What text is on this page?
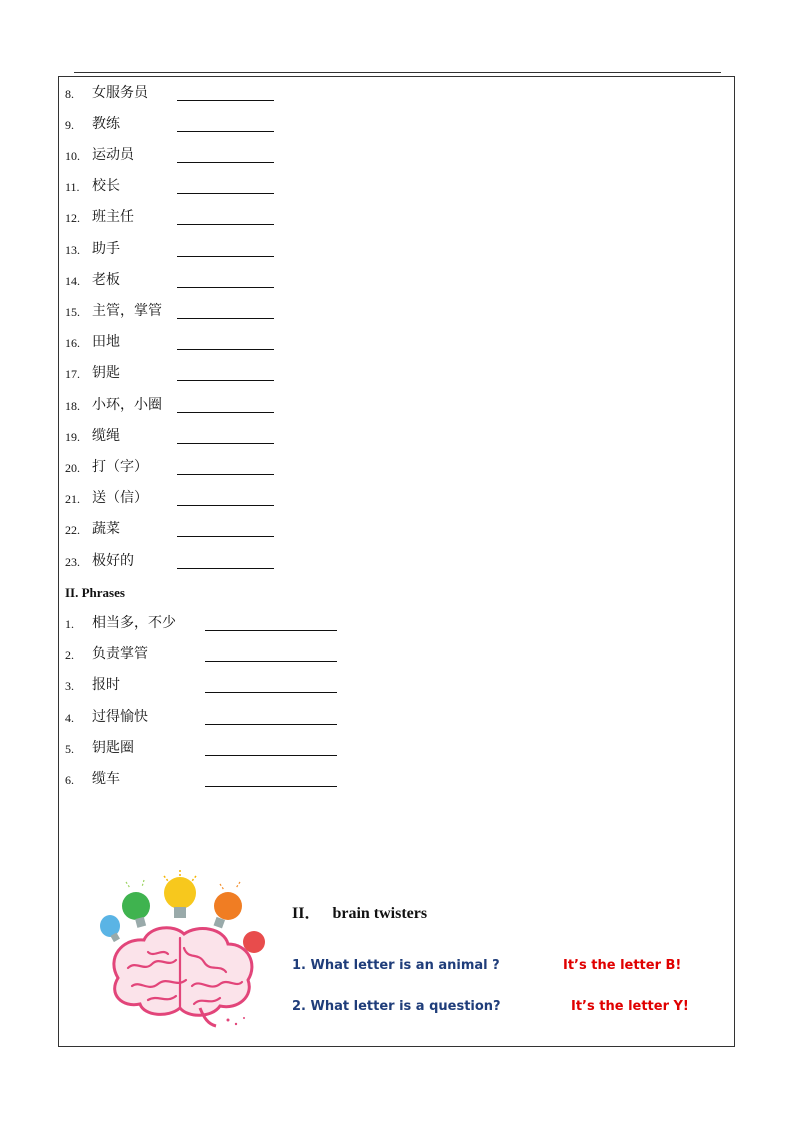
8.	女服务员
9.	教练
10. 运动员
11. 校长
12. 班主任
13. 助手
14. 老板
15. 主管，掌管
16. 田地
17. 钥匙
18. 小环，小圈
19. 缆绳
20. 打（字）
21. 送（信）
22. 蔬菜
23. 极好的
II. Phrases
1.	相当多，不少
2.	负责掌管
3.	报时
4.	过得愉快
5.	钥匙圈
6.	缆车
II．   brain twisters
1. What letter is an animal ?	It’s the letter B!
2. What letter is a question?	It’s the letter Y!
